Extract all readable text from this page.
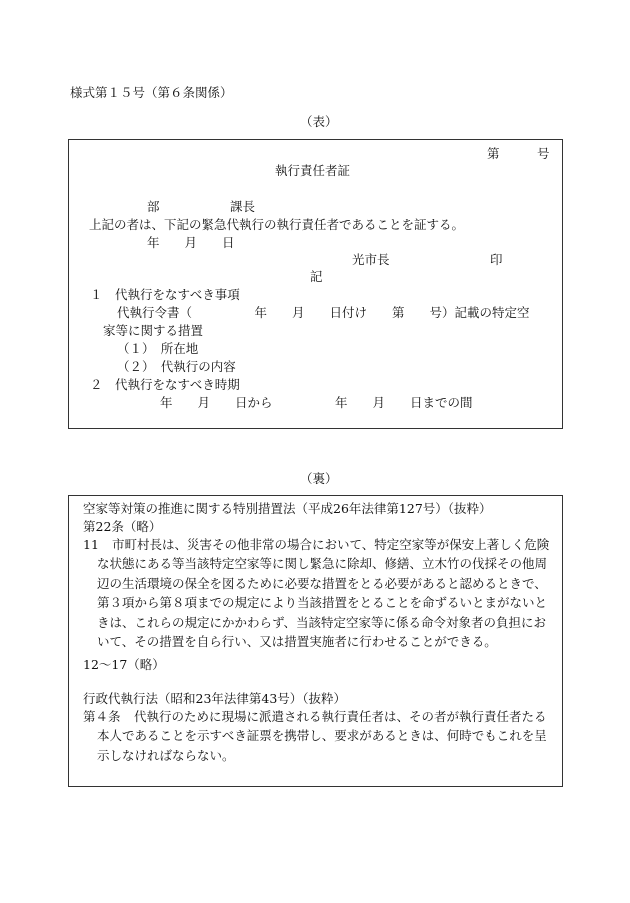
様式第１５号（第６条関係）
（表）
第　　　号
執行責任者証
部	課長
上記の者は、下記の緊急代執行の執行責任者であることを証する。
年　　月　　日
光市長	印
記
１　代執行をなすべき事項
代執行令書（　　　　　年　　月　　日付け　　第　　号）記載の特定空
家等に関する措置
（１）　所在地
（２）　代執行の内容
２　代執行をなすべき時期
年　　月　　日から　　　　　年　　月　　日までの間
（裏）
空家等対策の推進に関する特別措置法（平成26年法律第127号）（抜粋）
第22条（略）
11	市町村長は、災害その他非常の場合において、特定空家等が保安上著しく危険な状態にある等当該特定空家等に関し緊急に除却、修繕、立木竹の伐採その他周辺の生活環境の保全を図るために必要な措置をとる必要があると認めるときで、第３項から第８項までの規定により当該措置をとることを命ずるいとまがないときは、これらの規定にかかわらず、当該特定空家等に係る命令対象者の負担において、その措置を自ら行い、又は措置実施者に行わせることができる。
12～17（略）
行政代執行法（昭和23年法律第43号）（抜粋）
第４条	代執行のために現場に派遣される執行責任者は、その者が執行責任者たる本人であることを示すべき証票を携帯し、要求があるときは、何時でもこれを呈示しなければならない。
